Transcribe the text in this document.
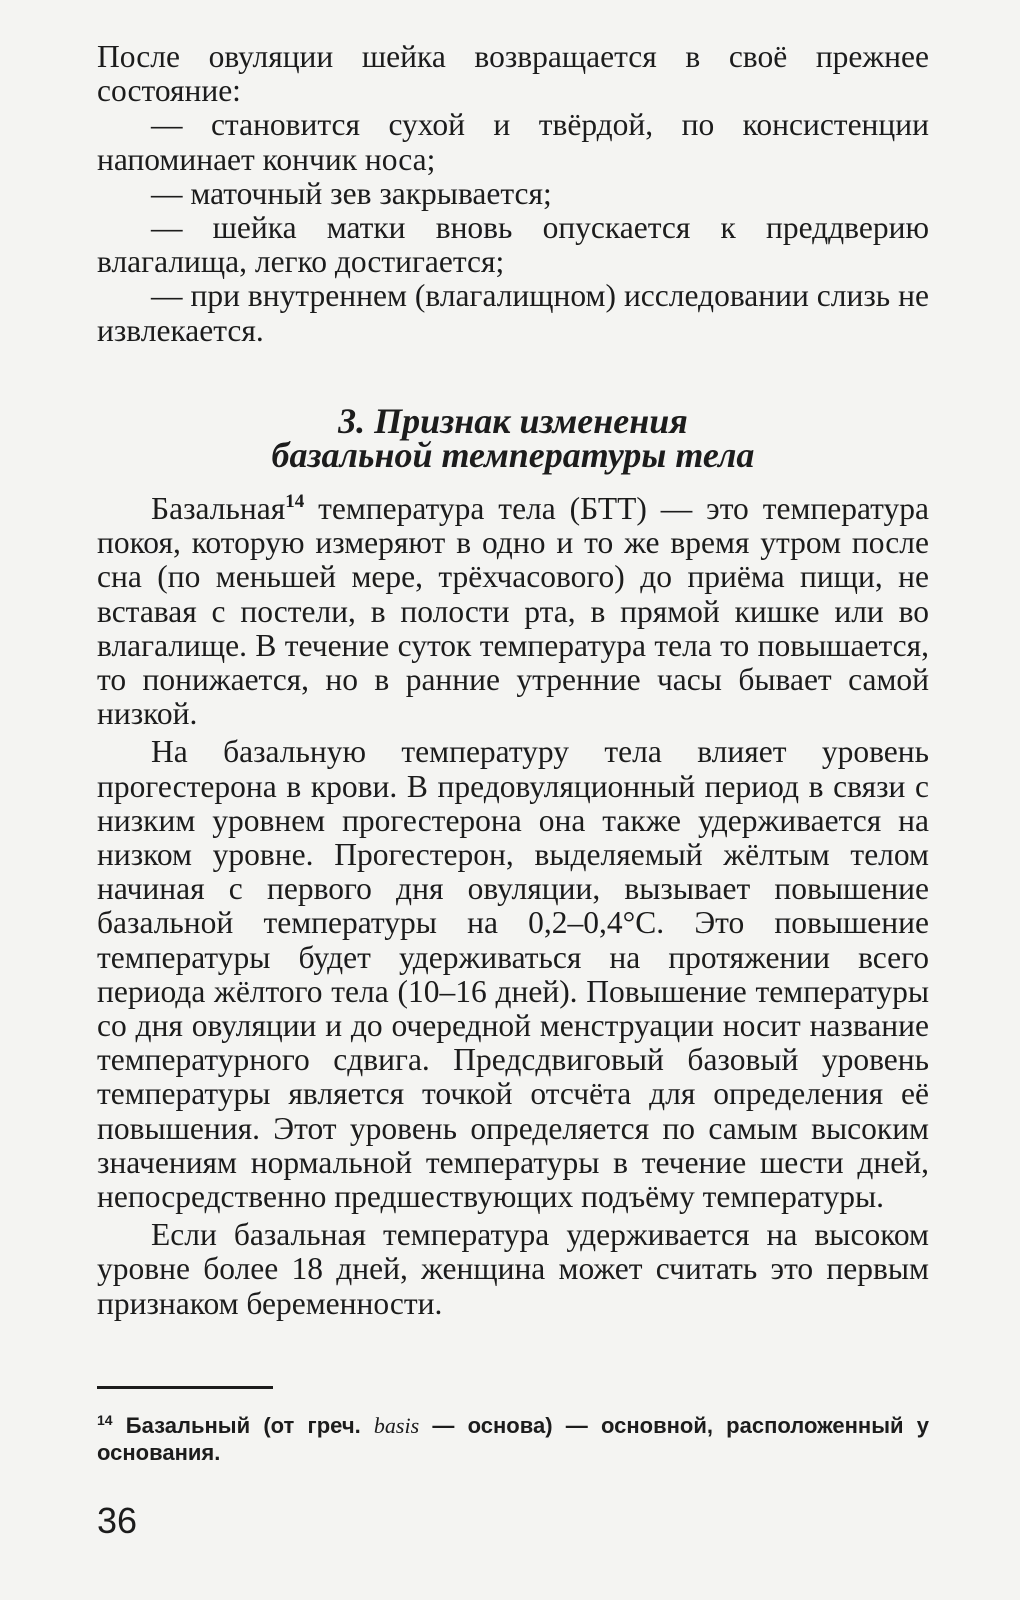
После овуляции шейка возвращается в своё прежнее состояние:

— становится сухой и твёрдой, по консистенции напоминает кончик носа;

— маточный зев закрывается;

— шейка матки вновь опускается к преддверию влагалища, легко достигается;

— при внутреннем (влагалищном) исследовании слизь не извлекается.

3. Признак изменения
базальной температуры тела

Базальная$^{14}$ температура тела (БТТ) — это температура покоя, которую измеряют в одно и то же время утром после сна (по меньшей мере, трёхчасового) до приёма пищи, не вставая с постели, в полости рта, в прямой кишке или во влагалище. В течение суток температура тела то повышается, то понижается, но в ранние утренние часы бывает самой низкой.

На базальную температуру тела влияет уровень прогестерона в крови. В предовуляционный период в связи с низким уровнем прогестерона она также удерживается на низком уровне. Прогестерон, выделяемый жёлтым телом начиная с первого дня овуляции, вызывает повышение базальной температуры на 0,2–0,4°С. Это повышение температуры будет удерживаться на протяжении всего периода жёлтого тела (10–16 дней). Повышение температуры со дня овуляции и до очередной менструации носит название температурного сдвига. Предсдвиговый базовый уровень температуры является точкой отсчёта для определения её повышения. Этот уровень определяется по самым высоким значениям нормальной температуры в течение шести дней, непосредственно предшествующих подъёму температуры.

Если базальная температура удерживается на высоком уровне более 18 дней, женщина может считать это первым признаком беременности.

$^{14}$ Базальный (от греч. basis — основа) — основной, расположенный у основания.
36
